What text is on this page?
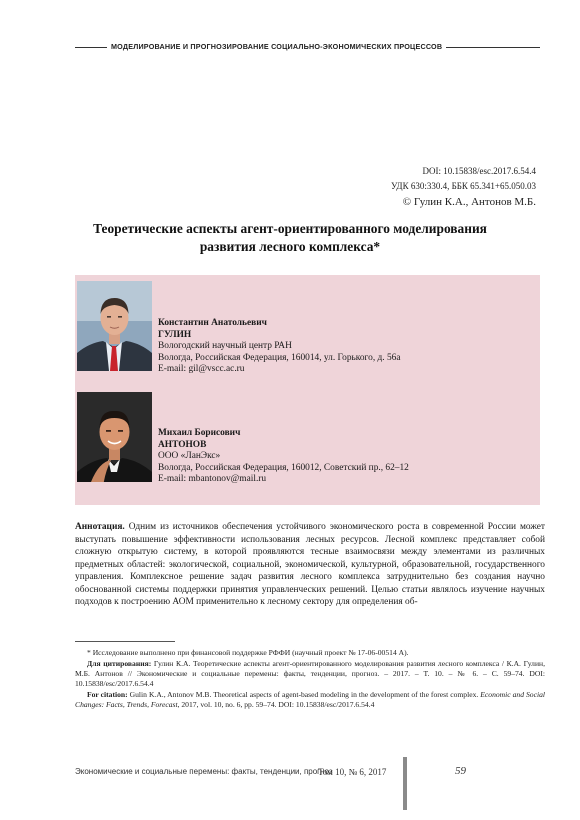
МОДЕЛИРОВАНИЕ И ПРОГНОЗИРОВАНИЕ СОЦИАЛЬНО-ЭКОНОМИЧЕСКИХ ПРОЦЕССОВ
DOI: 10.15838/esc.2017.6.54.4
УДК 630:330.4, ББК 65.341+65.050.03
© Гулин К.А., Антонов М.Б.
Теоретические аспекты агент-ориентированного моделирования
развития лесного комплекса*
Константин Анатольевич
ГУЛИН
Вологодский научный центр РАН
Вологда, Российская Федерация, 160014, ул. Горького, д. 56а
E-mail: gil@vscc.ac.ru
Михаил Борисович
АНТОНОВ
ООО «ЛанЭкс»
Вологда, Российская Федерация, 160012, Советский пр., 62–12
E-mail: mbantonov@mail.ru
Аннотация. Одним из источников обеспечения устойчивого экономического роста в современной России может выступать повышение эффективности использования лесных ресурсов. Лесной комплекс представляет собой сложную открытую систему, в которой проявляются тесные взаимосвязи между элементами из различных предметных областей: экологической, социальной, экономической, культурной, образовательной, государственного управления. Комплексное решение задач развития лесного комплекса затруднительно без создания научно обоснованной системы поддержки принятия управленческих решений. Целью статьи являлось изучение научных подходов к построению АОМ применительно к лесному сектору для определения об-
* Исследование выполнено при финансовой поддержке РФФИ (научный проект № 17-06-00514 А).
Для цитирования: Гулин К.А. Теоретические аспекты агент-ориентированного моделирования развития лесного комплекса / К.А. Гулин, М.Б. Антонов // Экономические и социальные перемены: факты, тенденции, прогноз. – 2017. – Т. 10. – № 6. – С. 59–74. DOI: 10.15838/esc/2017.6.54.4
For citation: Gulin K.A., Antonov M.B. Theoretical aspects of agent-based modeling in the development of the forest complex. Economic and Social Changes: Facts, Trends, Forecast, 2017, vol. 10, no. 6, pp. 59–74. DOI: 10.15838/esc/2017.6.54.4
Экономические и социальные перемены: факты, тенденции, прогноз
Том 10, № 6, 2017	59
